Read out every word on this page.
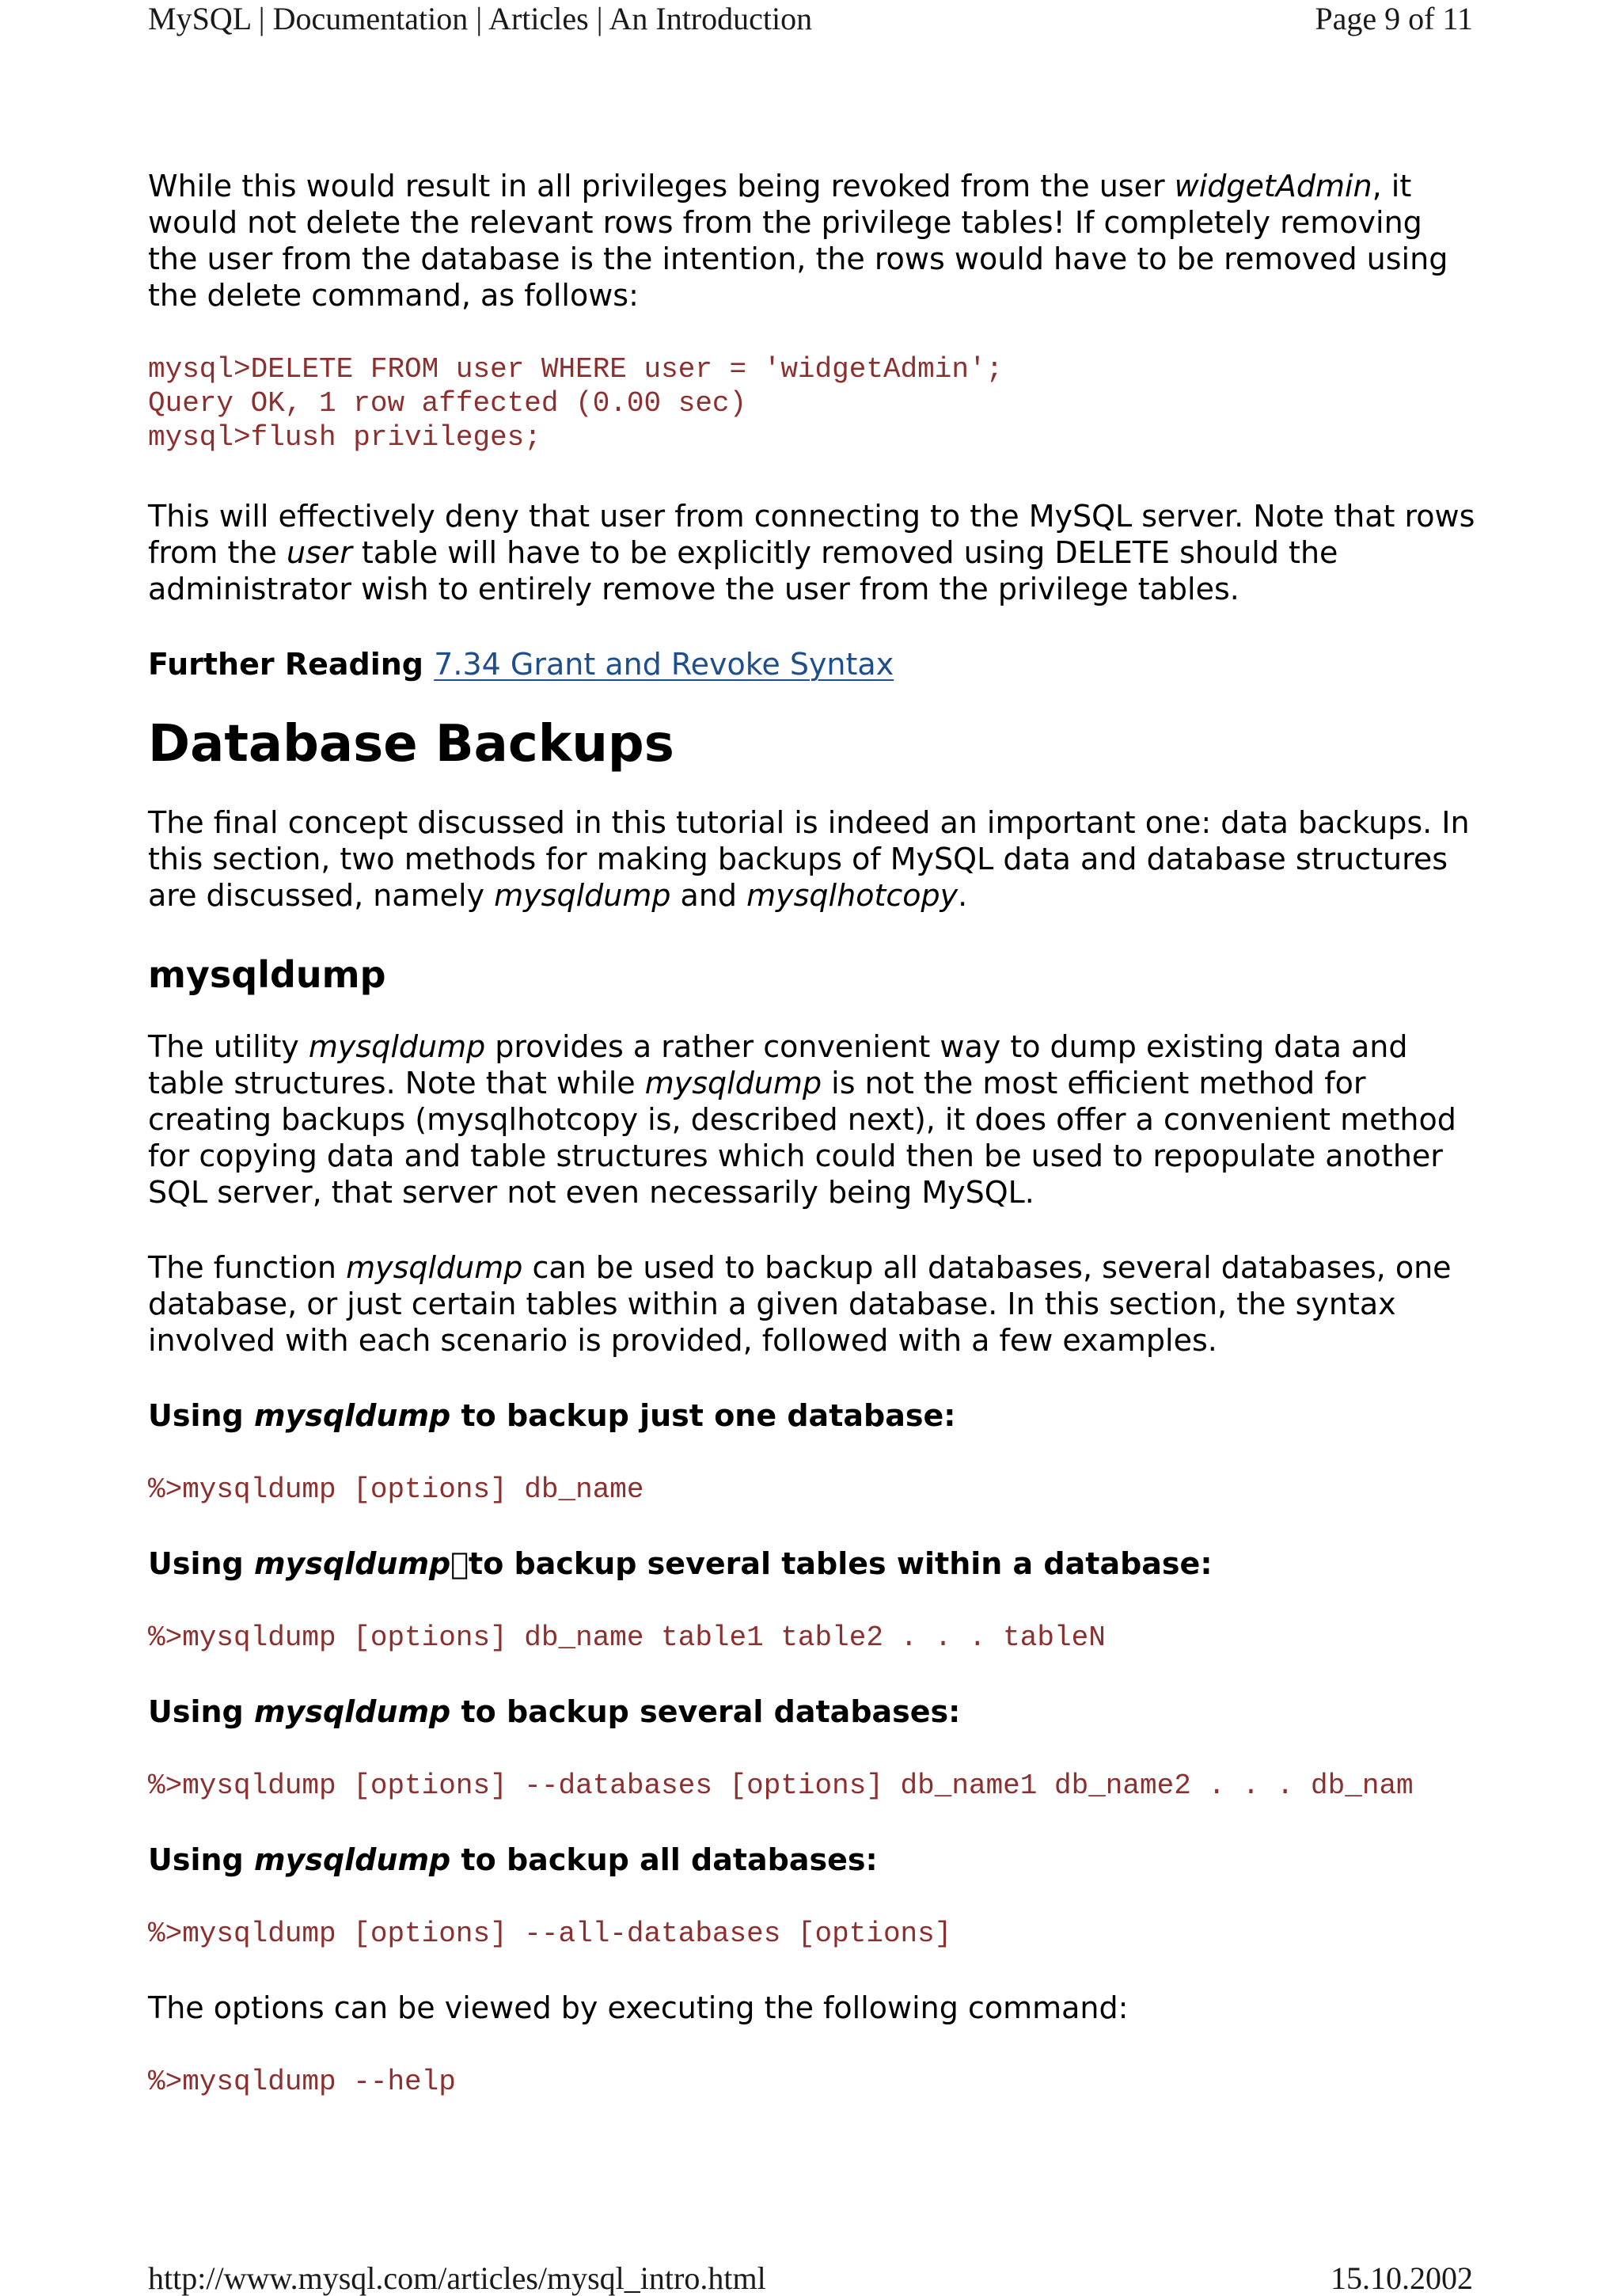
MySQL | Documentation | Articles | An Introduction	Page 9 of 11

While this would result in all privileges being revoked from the user widgetAdmin, it would not delete the relevant rows from the privilege tables! If completely removing the user from the database is the intention, the rows would have to be removed using the delete command, as follows:

mysql>DELETE FROM user WHERE user = 'widgetAdmin';
Query OK, 1 row affected (0.00 sec)
mysql>flush privileges;

This will effectively deny that user from connecting to the MySQL server. Note that rows from the user table will have to be explicitly removed using DELETE should the administrator wish to entirely remove the user from the privilege tables.

Further Reading 7.34 Grant and Revoke Syntax

Database Backups

The final concept discussed in this tutorial is indeed an important one: data backups. In this section, two methods for making backups of MySQL data and database structures are discussed, namely mysqldump and mysqlhotcopy.

mysqldump

The utility mysqldump provides a rather convenient way to dump existing data and table structures. Note that while mysqldump is not the most efficient method for creating backups (mysqlhotcopy is, described next), it does offer a convenient method for copying data and table structures which could then be used to repopulate another SQL server, that server not even necessarily being MySQL.

The function mysqldump can be used to backup all databases, several databases, one database, or just certain tables within a given database. In this section, the syntax involved with each scenario is provided, followed with a few examples.

Using mysqldump to backup just one database:

%>mysqldump [options] db_name

Using mysqldump to backup several tables within a database:

%>mysqldump [options] db_name table1 table2 . . . tableN

Using mysqldump to backup several databases:

%>mysqldump [options] --databases [options] db_name1 db_name2 . . . db_nam

Using mysqldump to backup all databases:

%>mysqldump [options] --all-databases [options]

The options can be viewed by executing the following command:

%>mysqldump --help
http://www.mysql.com/articles/mysql_intro.html	15.10.2002
